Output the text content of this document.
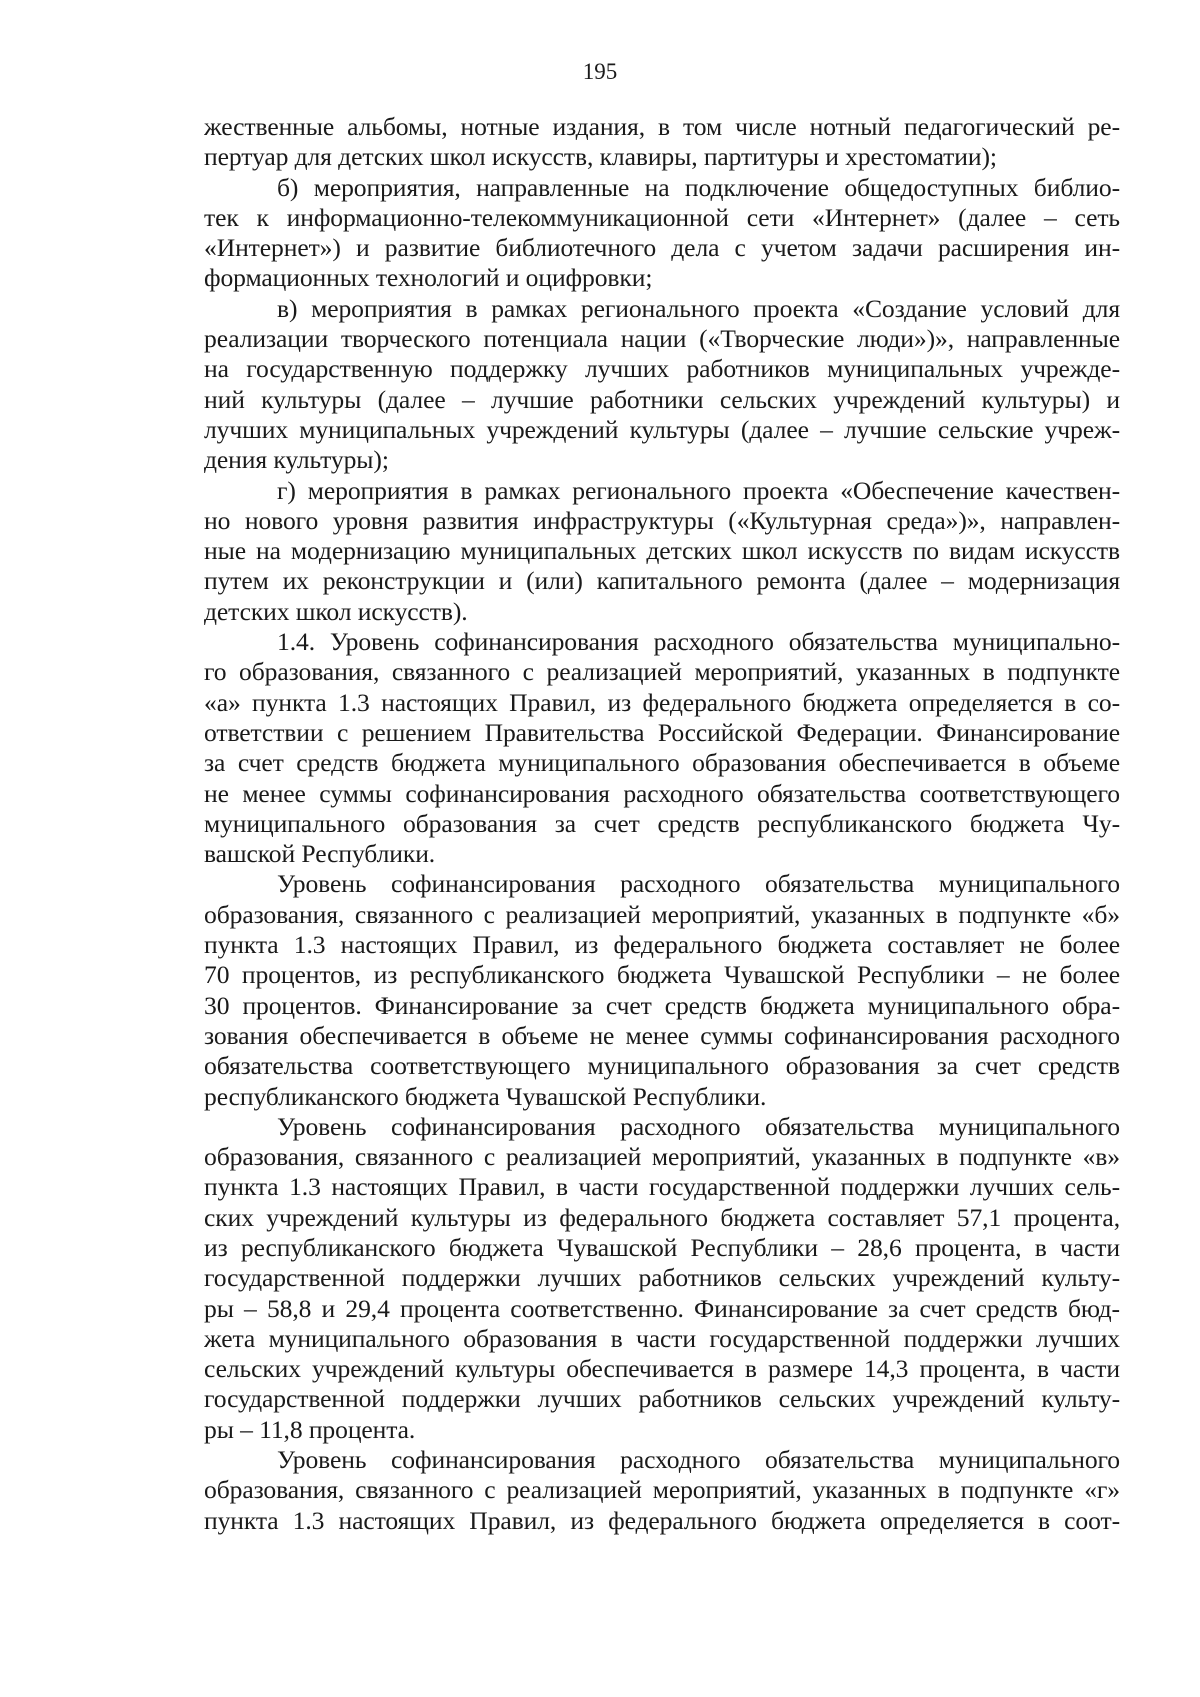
195
жественные альбомы, нотные издания, в том числе нотный педагогический ре-
пертуар для детских школ искусств, клавиры, партитуры и хрестоматии);
б) мероприятия, направленные на подключение общедоступных библио-
тек к информационно-телекоммуникационной сети «Интернет» (далее – сеть
«Интернет») и развитие библиотечного дела с учетом задачи расширения ин-
формационных технологий и оцифровки;
в) мероприятия в рамках регионального проекта «Создание условий для
реализации творческого потенциала нации («Творческие люди»)», направленные
на государственную поддержку лучших работников муниципальных учрежде-
ний культуры (далее – лучшие работники сельских учреждений культуры) и
лучших муниципальных учреждений культуры (далее – лучшие сельские учреж-
дения культуры);
г) мероприятия в рамках регионального проекта «Обеспечение качествен-
но нового уровня развития инфраструктуры («Культурная среда»)», направлен-
ные на модернизацию муниципальных детских школ искусств по видам искусств
путем их реконструкции и (или) капитального ремонта (далее – модернизация
детских школ искусств).
1.4. Уровень софинансирования расходного обязательства муниципально-
го образования, связанного с реализацией мероприятий, указанных в подпункте
«а» пункта 1.3 настоящих Правил, из федерального бюджета определяется в со-
ответствии с решением Правительства Российской Федерации. Финансирование
за счет средств бюджета муниципального образования обеспечивается в объеме
не менее суммы софинансирования расходного обязательства соответствующего
муниципального образования за счет средств республиканского бюджета Чу-
вашской Республики.
Уровень софинансирования расходного обязательства муниципального
образования, связанного с реализацией мероприятий, указанных в подпункте «б»
пункта 1.3 настоящих Правил, из федерального бюджета составляет не более
70 процентов, из республиканского бюджета Чувашской Республики – не более
30 процентов. Финансирование за счет средств бюджета муниципального обра-
зования обеспечивается в объеме не менее суммы софинансирования расходного
обязательства соответствующего муниципального образования за счет средств
республиканского бюджета Чувашской Республики.
Уровень софинансирования расходного обязательства муниципального
образования, связанного с реализацией мероприятий, указанных в подпункте «в»
пункта 1.3 настоящих Правил, в части государственной поддержки лучших сель-
ских учреждений культуры из федерального бюджета составляет 57,1 процента,
из республиканского бюджета Чувашской Республики – 28,6 процента, в части
государственной поддержки лучших работников сельских учреждений культу-
ры – 58,8 и 29,4 процента соответственно. Финансирование за счет средств бюд-
жета муниципального образования в части государственной поддержки лучших
сельских учреждений культуры обеспечивается в размере 14,3 процента, в части
государственной поддержки лучших работников сельских учреждений культу-
ры – 11,8 процента.
Уровень софинансирования расходного обязательства муниципального
образования, связанного с реализацией мероприятий, указанных в подпункте «г»
пункта 1.3 настоящих Правил, из федерального бюджета определяется в соот-
